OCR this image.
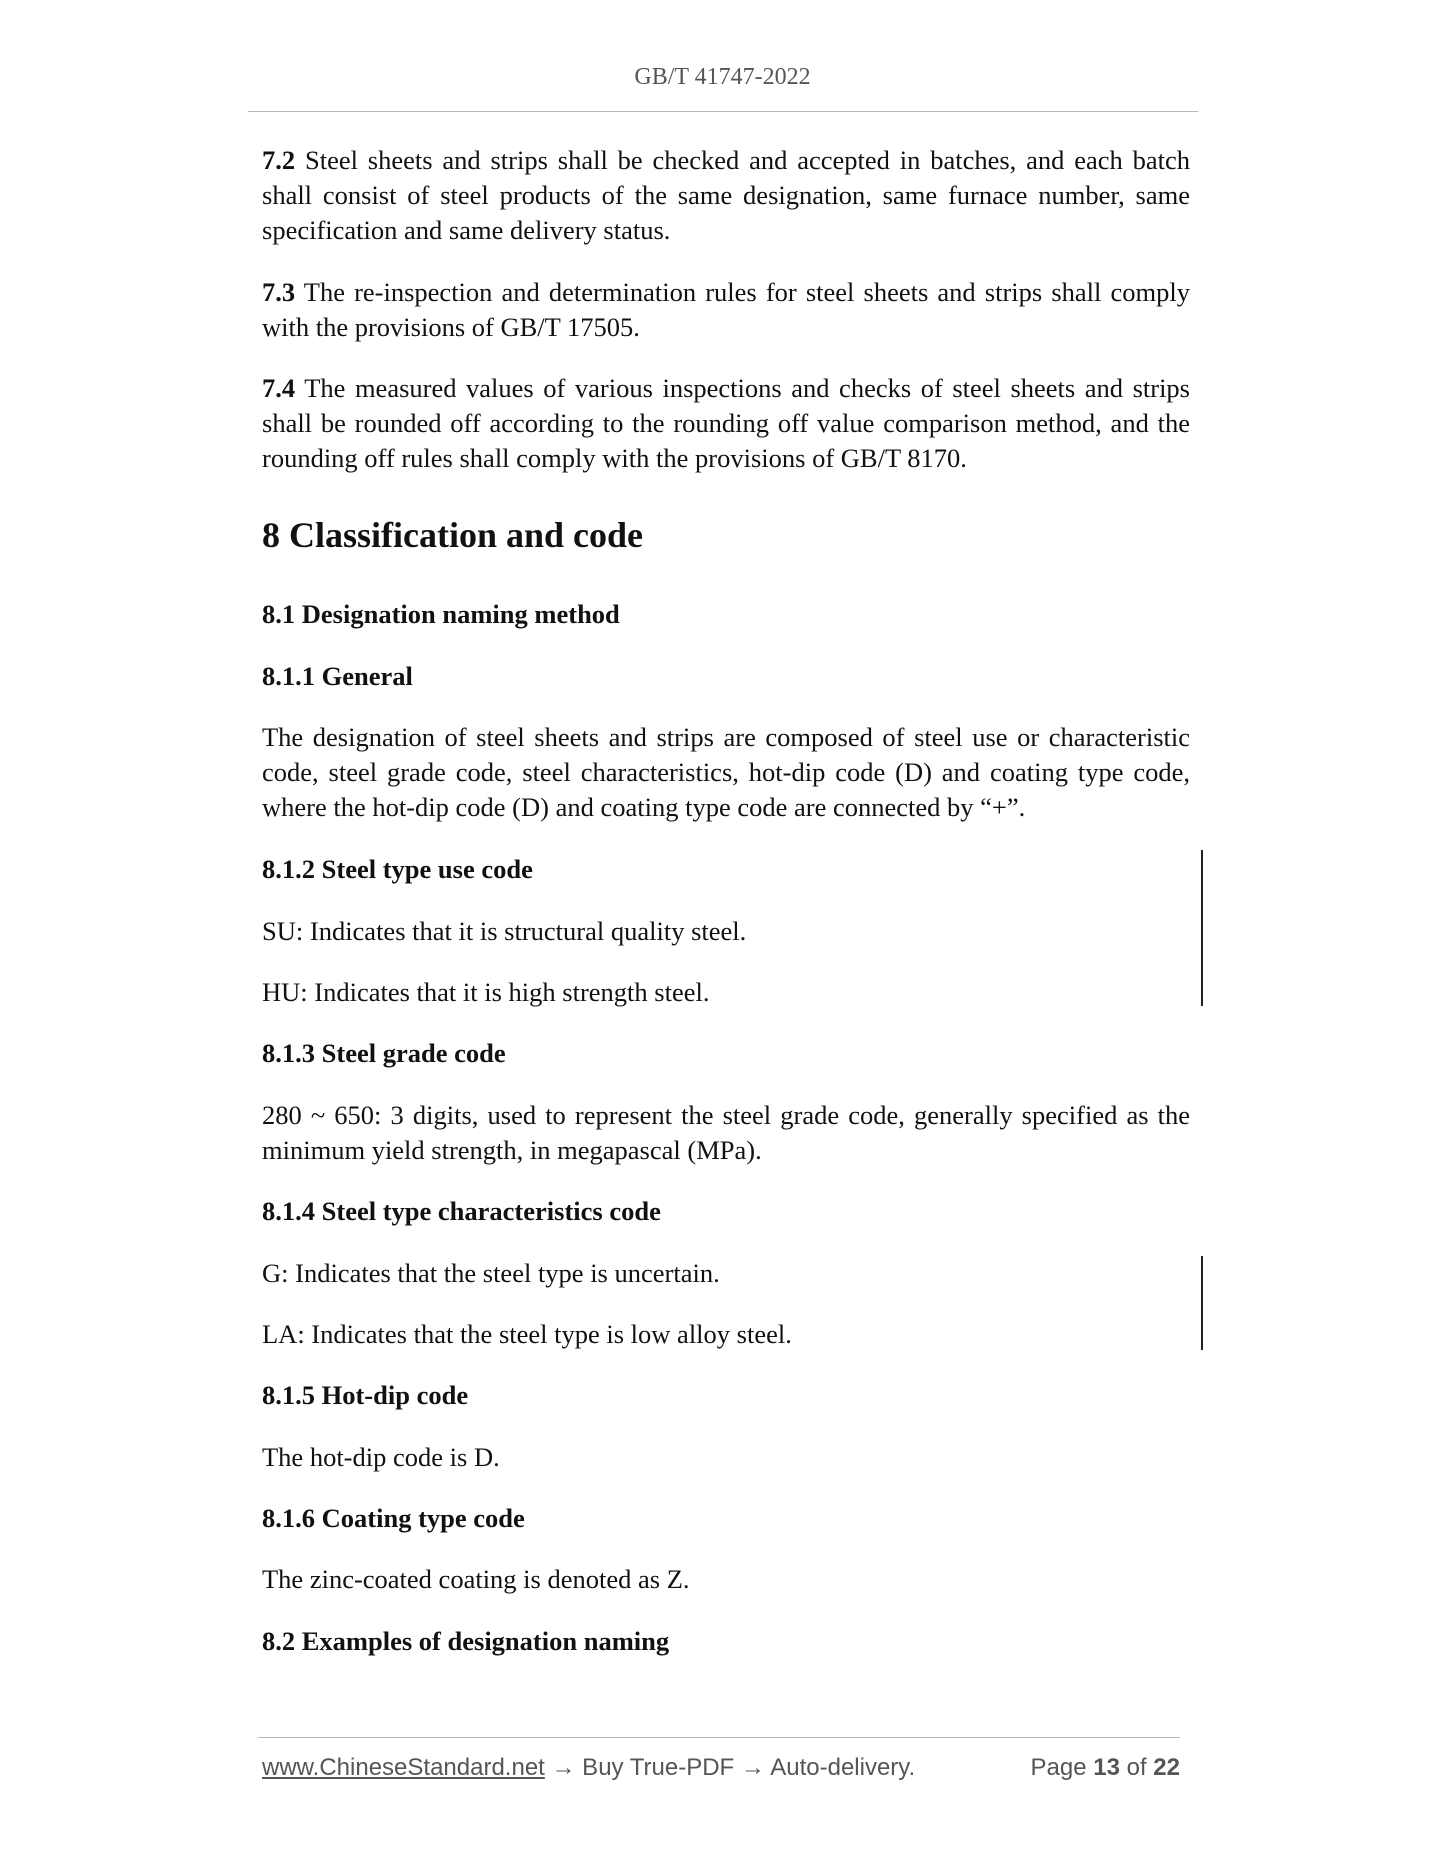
GB/T 41747-2022

7.2 Steel sheets and strips shall be checked and accepted in batches, and each batch shall consist of steel products of the same designation, same furnace number, same specification and same delivery status.

7.3 The re-inspection and determination rules for steel sheets and strips shall comply with the provisions of GB/T 17505.

7.4 The measured values of various inspections and checks of steel sheets and strips shall be rounded off according to the rounding off value comparison method, and the rounding off rules shall comply with the provisions of GB/T 8170.

8 Classification and code
8.1 Designation naming method
8.1.1 General

The designation of steel sheets and strips are composed of steel use or characteristic code, steel grade code, steel characteristics, hot-dip code (D) and coating type code, where the hot-dip code (D) and coating type code are connected by “+”.

8.1.2 Steel type use code

SU: Indicates that it is structural quality steel.

HU: Indicates that it is high strength steel.

8.1.3 Steel grade code

280 ~ 650: 3 digits, used to represent the steel grade code, generally specified as the minimum yield strength, in megapascal (MPa).

8.1.4 Steel type characteristics code

G: Indicates that the steel type is uncertain.

LA: Indicates that the steel type is low alloy steel.

8.1.5 Hot-dip code

The hot-dip code is D.

8.1.6 Coating type code

The zinc-coated coating is denoted as Z.

8.2 Examples of designation naming
www.ChineseStandard.net → Buy True-PDF → Auto-delivery.	Page 13 of 22
